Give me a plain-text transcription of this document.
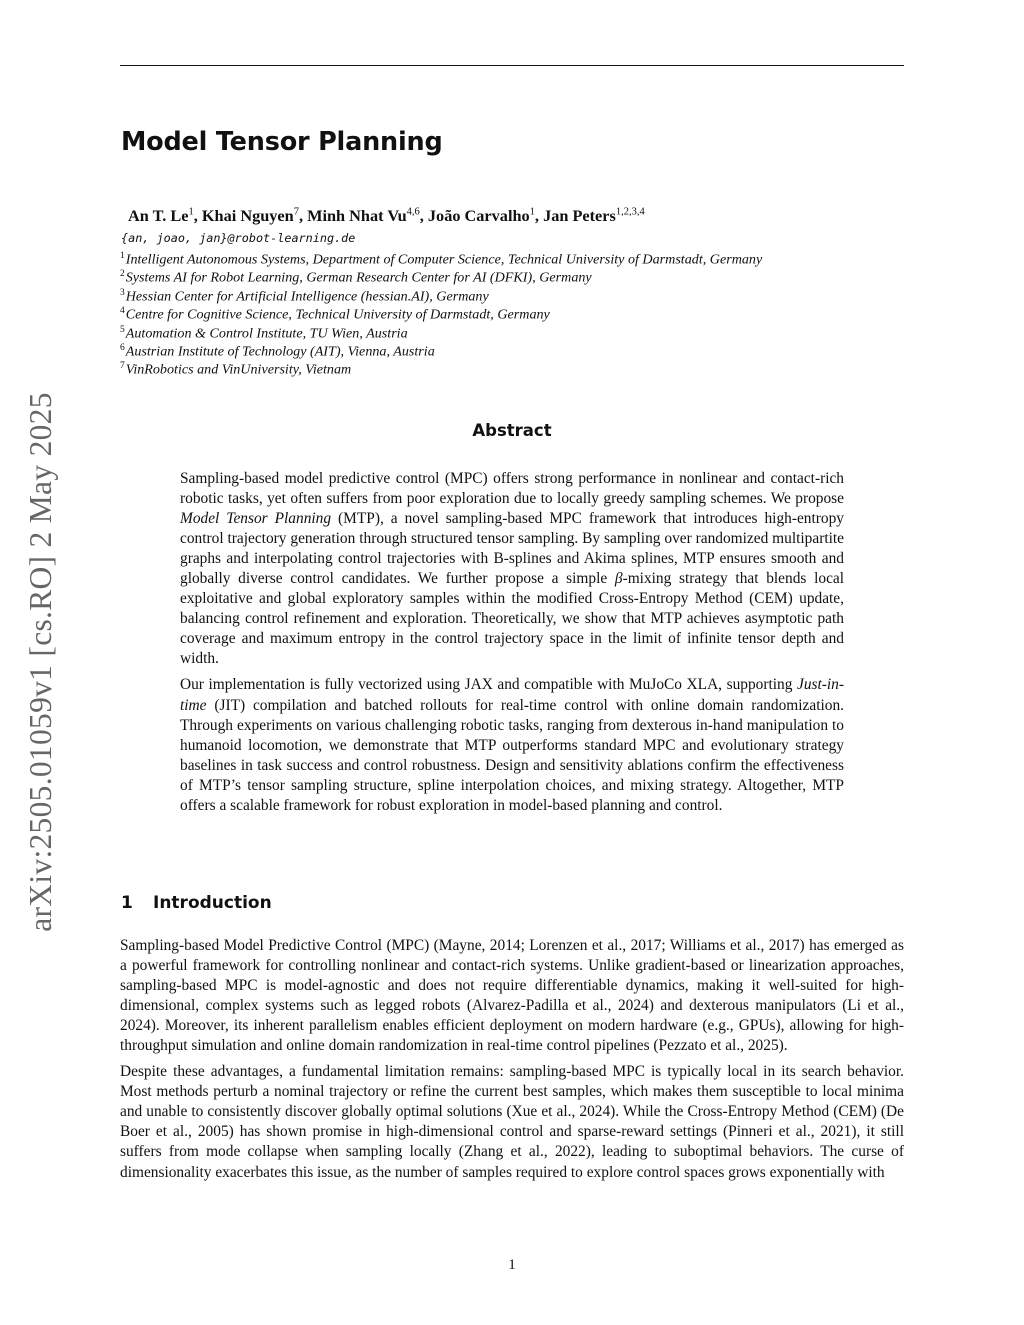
arXiv:2505.01059v1 [cs.RO] 2 May 2025
Model Tensor Planning

An T. Le$^1$, Khai Nguyen$^7$, Minh Nhat Vu$^{4,6}$, João Carvalho$^1$, Jan Peters$^{1,2,3,4}$

{an, joao, jan}@robot-learning.de

$^1$Intelligent Autonomous Systems, Department of Computer Science, Technical University of Darmstadt, Germany
$^2$Systems AI for Robot Learning, German Research Center for AI (DFKI), Germany
$^3$Hessian Center for Artificial Intelligence (hessian.AI), Germany
$^4$Centre for Cognitive Science, Technical University of Darmstadt, Germany
$^5$Automation & Control Institute, TU Wien, Austria
$^6$Austrian Institute of Technology (AIT), Vienna, Austria
$^7$VinRobotics and VinUniversity, Vietnam
Abstract

Sampling-based model predictive control (MPC) offers strong performance in nonlinear and contact-rich robotic tasks, yet often suffers from poor exploration due to locally greedy sampling schemes. We propose Model Tensor Planning (MTP), a novel sampling-based MPC framework that introduces high-entropy control trajectory generation through structured tensor sampling. By sampling over randomized multipartite graphs and interpolating control trajectories with B-splines and Akima splines, MTP ensures smooth and globally diverse control candidates. We further propose a simple β-mixing strategy that blends local exploitative and global exploratory samples within the modified Cross-Entropy Method (CEM) update, balancing control refinement and exploration. Theoretically, we show that MTP achieves asymptotic path coverage and maximum entropy in the control trajectory space in the limit of infinite tensor depth and width.

Our implementation is fully vectorized using JAX and compatible with MuJoCo XLA, supporting Just-in-time (JIT) compilation and batched rollouts for real-time control with online domain randomization. Through experiments on various challenging robotic tasks, ranging from dexterous in-hand manipulation to humanoid locomotion, we demonstrate that MTP outperforms standard MPC and evolutionary strategy baselines in task success and control robustness. Design and sensitivity ablations confirm the effectiveness of MTP’s tensor sampling structure, spline interpolation choices, and mixing strategy. Altogether, MTP offers a scalable framework for robust exploration in model-based planning and control.

1 Introduction

Sampling-based Model Predictive Control (MPC) (Mayne, 2014; Lorenzen et al., 2017; Williams et al., 2017) has emerged as a powerful framework for controlling nonlinear and contact-rich systems. Unlike gradient-based or linearization approaches, sampling-based MPC is model-agnostic and does not require differentiable dynamics, making it well-suited for high-dimensional, complex systems such as legged robots (Alvarez-Padilla et al., 2024) and dexterous manipulators (Li et al., 2024). Moreover, its inherent parallelism enables efficient deployment on modern hardware (e.g., GPUs), allowing for high-throughput simulation and online domain randomization in real-time control pipelines (Pezzato et al., 2025).

Despite these advantages, a fundamental limitation remains: sampling-based MPC is typically local in its search behavior. Most methods perturb a nominal trajectory or refine the current best samples, which makes them susceptible to local minima and unable to consistently discover globally optimal solutions (Xue et al., 2024). While the Cross-Entropy Method (CEM) (De Boer et al., 2005) has shown promise in high-dimensional control and sparse-reward settings (Pinneri et al., 2021), it still suffers from mode collapse when sampling locally (Zhang et al., 2022), leading to suboptimal behaviors. The curse of dimensionality exacerbates this issue, as the number of samples required to explore control spaces grows exponentially with

1
